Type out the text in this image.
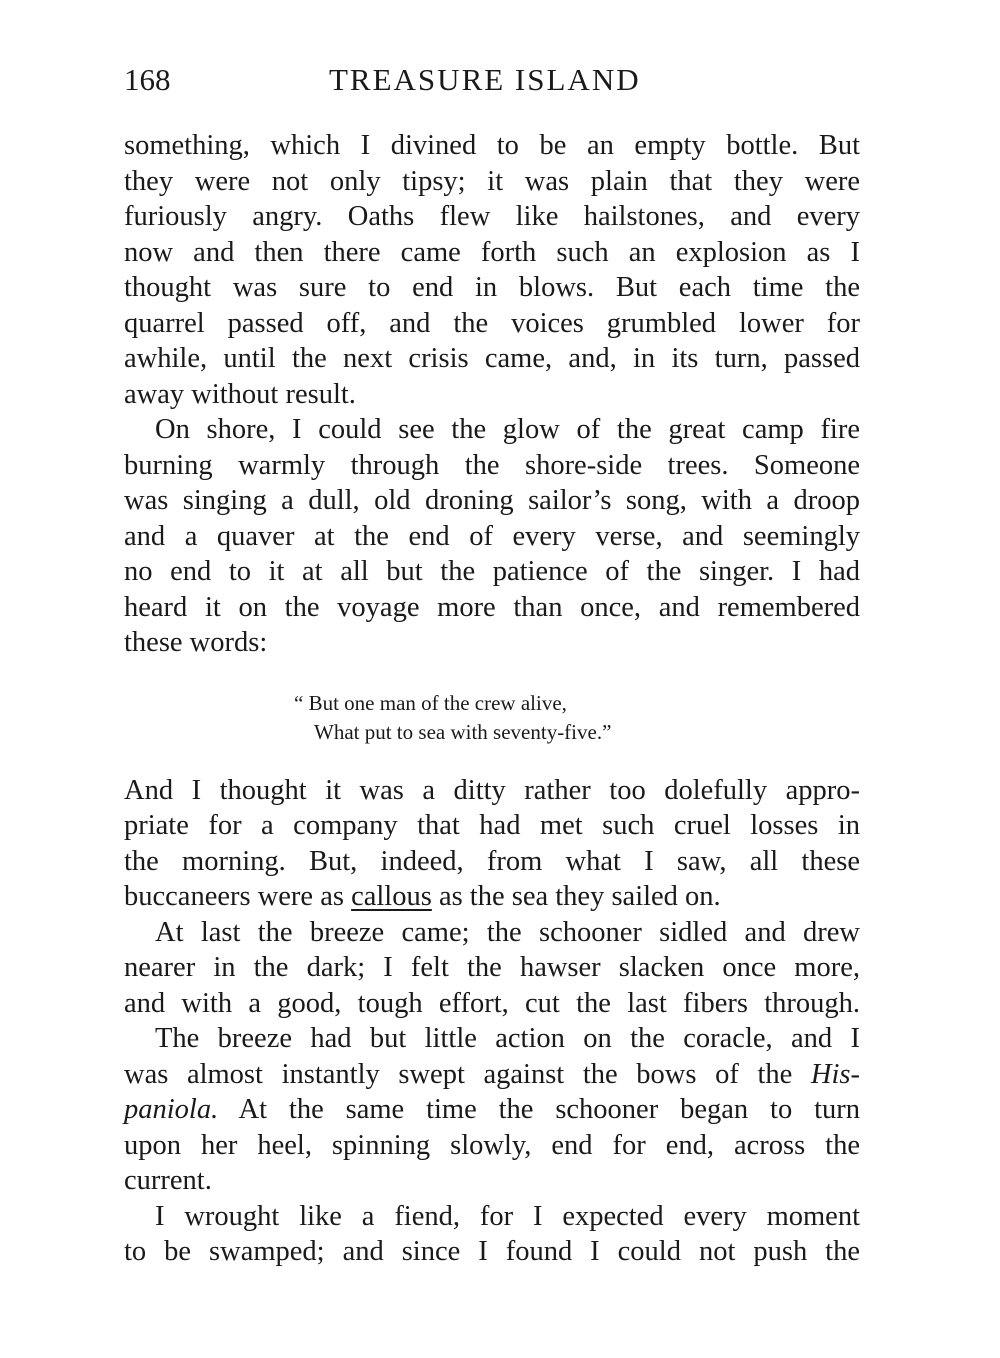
168	TREASURE ISLAND
something, which I divined to be an empty bottle. But
they were not only tipsy; it was plain that they were
furiously angry. Oaths flew like hailstones, and every
now and then there came forth such an explosion as I
thought was sure to end in blows. But each time the
quarrel passed off, and the voices grumbled lower for
awhile, until the next crisis came, and, in its turn, passed
away without result.
On shore, I could see the glow of the great camp fire
burning warmly through the shore-side trees. Someone
was singing a dull, old droning sailor’s song, with a droop
and a quaver at the end of every verse, and seemingly
no end to it at all but the patience of the singer. I had
heard it on the voyage more than once, and remembered
these words:
“ But one man of the crew alive,
What put to sea with seventy-five.”
And I thought it was a ditty rather too dolefully appro-
priate for a company that had met such cruel losses in
the morning. But, indeed, from what I saw, all these
buccaneers were as callous as the sea they sailed on.
At last the breeze came; the schooner sidled and drew
nearer in the dark; I felt the hawser slacken once more,
and with a good, tough effort, cut the last fibers through.
The breeze had but little action on the coracle, and I
was almost instantly swept against the bows of the His-
paniola. At the same time the schooner began to turn
upon her heel, spinning slowly, end for end, across the
current.
I wrought like a fiend, for I expected every moment
to be swamped; and since I found I could not push the
